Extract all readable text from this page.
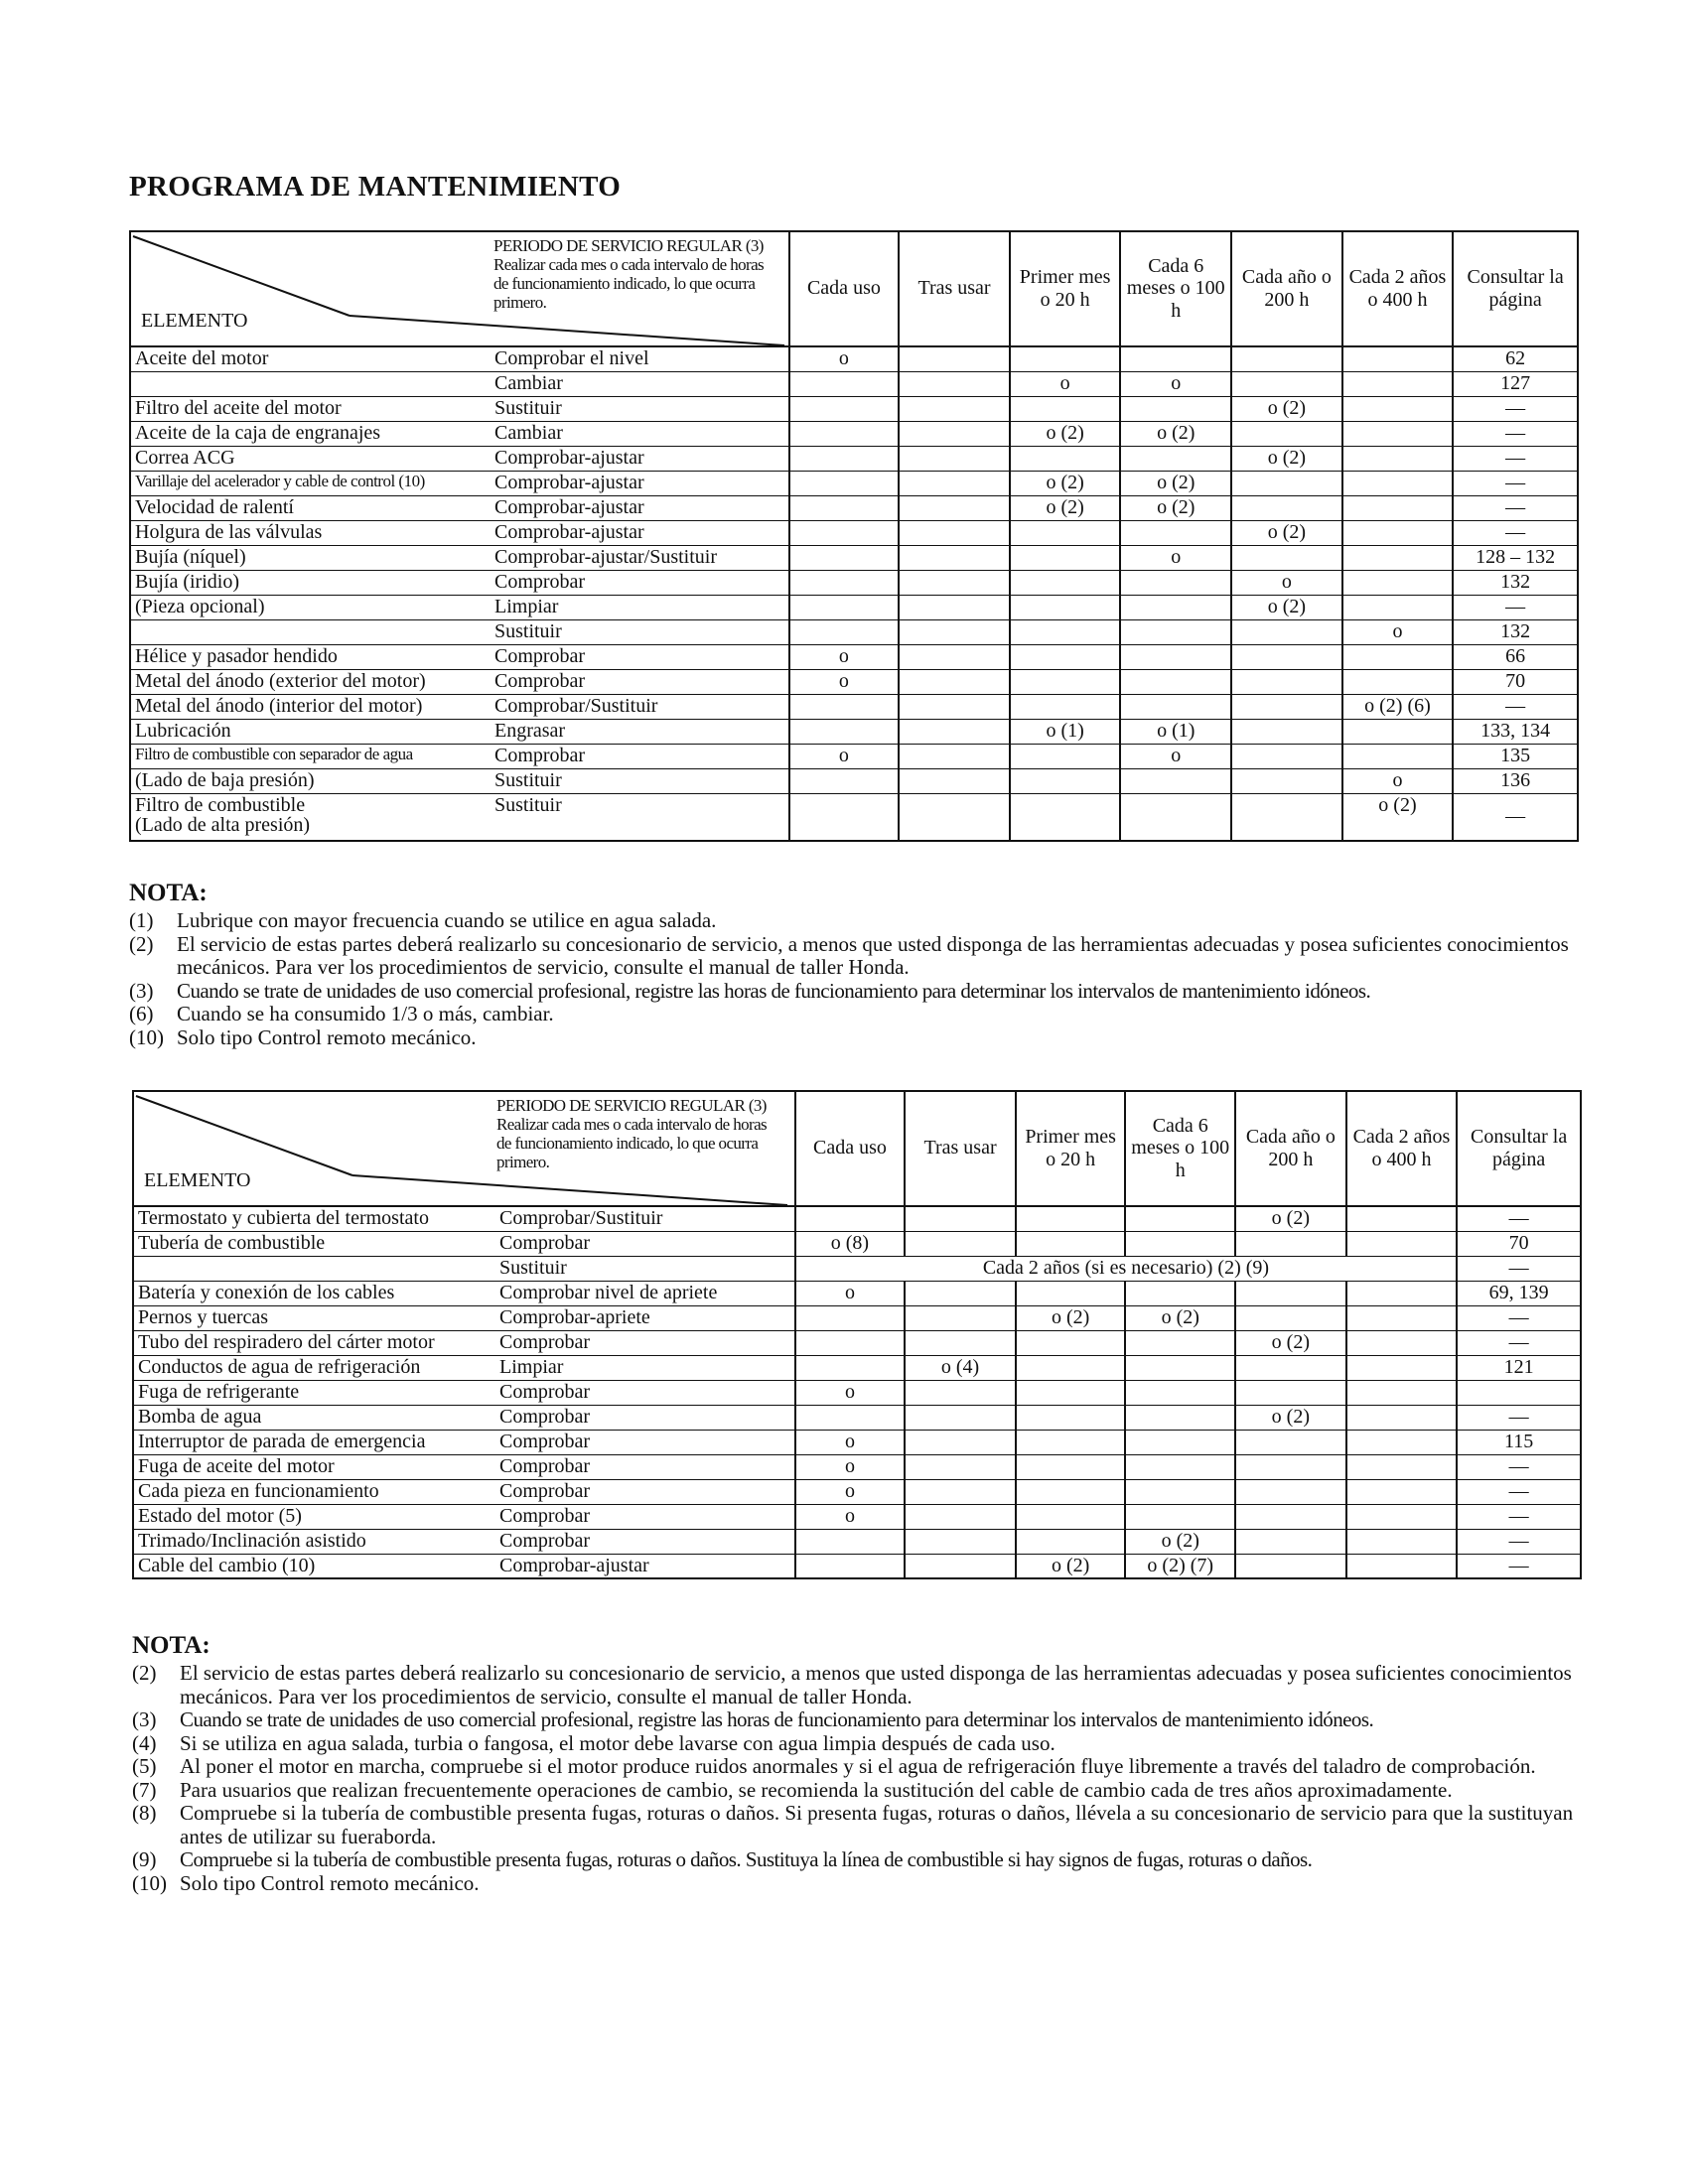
PROGRAMA DE MANTENIMIENTO
ELEMENTO
PERIODO DE SERVICIO REGULAR (3)
Realizar cada mes o cada intervalo de horas
de funcionamiento indicado, lo que ocurra
primero.		Cada uso	Tras usar	Primer mes o 20 h	Cada 6 meses o 100 h	Cada año o 200 h	Cada 2 años o 400 h	Consultar la página
Aceite del motor	Comprobar el nivel	o						62
	Cambiar			o	o			127
Filtro del aceite del motor	Sustituir					o (2)		—
Aceite de la caja de engranajes	Cambiar			o (2)	o (2)			—
Correa ACG	Comprobar-ajustar					o (2)		—
Varillaje del acelerador y cable de control (10)	Comprobar-ajustar			o (2)	o (2)			—
Velocidad de ralentí	Comprobar-ajustar			o (2)	o (2)			—
Holgura de las válvulas	Comprobar-ajustar					o (2)		—
Bujía (níquel)	Comprobar-ajustar/Sustituir				o			128 – 132
Bujía (iridio)	Comprobar					o		132
(Pieza opcional)	Limpiar					o (2)		—
	Sustituir						o	132
Hélice y pasador hendido	Comprobar	o						66
Metal del ánodo (exterior del motor)	Comprobar	o						70
Metal del ánodo (interior del motor)	Comprobar/Sustituir						o (2) (6)	—
Lubricación	Engrasar			o (1)	o (1)			133, 134
Filtro de combustible con separador de agua	Comprobar	o			o			135
(Lado de baja presión)	Sustituir						o	136

Filtro de combustible
(Lado de alta presión)	Sustituir						o (2)	—
NOTA:
(1)	Lubrique con mayor frecuencia cuando se utilice en agua salada.
(2)	El servicio de estas partes deberá realizarlo su concesionario de servicio, a menos que usted disponga de las herramientas adecuadas y posea suficientes conocimientos mecánicos. Para ver los procedimientos de servicio, consulte el manual de taller Honda.
(3)	Cuando se trate de unidades de uso comercial profesional, registre las horas de funcionamiento para determinar los intervalos de mantenimiento idóneos.
(6)	Cuando se ha consumido 1/3 o más, cambiar.
(10) Solo tipo Control remoto mecánico.
ELEMENTO
PERIODO DE SERVICIO REGULAR (3)
Realizar cada mes o cada intervalo de horas
de funcionamiento indicado, lo que ocurra
primero.		Cada uso	Tras usar	Primer mes o 20 h	Cada 6 meses o 100 h	Cada año o 200 h	Cada 2 años o 400 h	Consultar la página
Termostato y cubierta del termostato	Comprobar/Sustituir					o (2)		—
Tubería de combustible	Comprobar	o (8)						70
	Sustituir	Cada 2 años (si es necesario) (2) (9)						—
Batería y conexión de los cables	Comprobar nivel de apriete	o						69, 139
Pernos y tuercas	Comprobar-apriete			o (2)	o (2)			—
Tubo del respiradero del cárter motor	Comprobar					o (2)		—
Conductos de agua de refrigeración	Limpiar		o (4)					121
Fuga de refrigerante	Comprobar	o						
Bomba de agua	Comprobar					o (2)		—
Interruptor de parada de emergencia	Comprobar	o						115
Fuga de aceite del motor	Comprobar	o						—
Cada pieza en funcionamiento	Comprobar	o						—
Estado del motor (5)	Comprobar	o						—
Trimado/Inclinación asistido	Comprobar				o (2)			—
Cable del cambio (10)	Comprobar-ajustar			o (2)	o (2) (7)			—
NOTA:
(2)	El servicio de estas partes deberá realizarlo su concesionario de servicio, a menos que usted disponga de las herramientas adecuadas y posea suficientes conocimientos mecánicos. Para ver los procedimientos de servicio, consulte el manual de taller Honda.
(3)	Cuando se trate de unidades de uso comercial profesional, registre las horas de funcionamiento para determinar los intervalos de mantenimiento idóneos.
(4)	Si se utiliza en agua salada, turbia o fangosa, el motor debe lavarse con agua limpia después de cada uso.
(5)	Al poner el motor en marcha, compruebe si el motor produce ruidos anormales y si el agua de refrigeración fluye libremente a través del taladro de comprobación.
(7)	Para usuarios que realizan frecuentemente operaciones de cambio, se recomienda la sustitución del cable de cambio cada de tres años aproximadamente.
(8)	Compruebe si la tubería de combustible presenta fugas, roturas o daños. Si presenta fugas, roturas o daños, llévela a su concesionario de servicio para que la sustituyan antes de utilizar su fueraborda.
(9)	Compruebe si la tubería de combustible presenta fugas, roturas o daños. Sustituya la línea de combustible si hay signos de fugas, roturas o daños.
(10) Solo tipo Control remoto mecánico.
